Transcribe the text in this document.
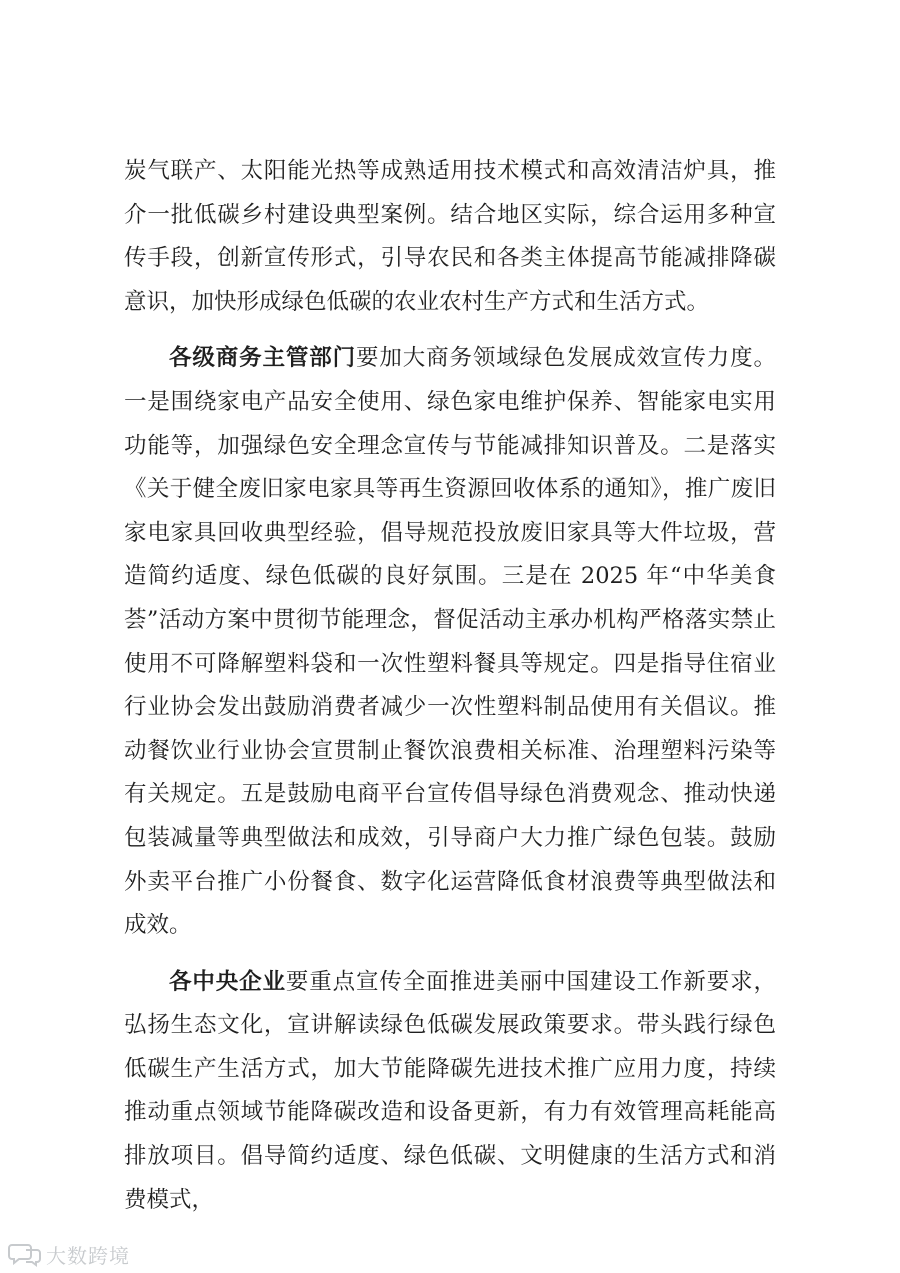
炭气联产、太阳能光热等成熟适用技术模式和高效清洁炉具，推介一批低碳乡村建设典型案例。结合地区实际，综合运用多种宣传手段，创新宣传形式，引导农民和各类主体提高节能减排降碳意识，加快形成绿色低碳的农业农村生产方式和生活方式。

各级商务主管部门要加大商务领域绿色发展成效宣传力度。一是围绕家电产品安全使用、绿色家电维护保养、智能家电实用功能等，加强绿色安全理念宣传与节能减排知识普及。二是落实《关于健全废旧家电家具等再生资源回收体系的通知》，推广废旧家电家具回收典型经验，倡导规范投放废旧家具等大件垃圾，营造简约适度、绿色低碳的良好氛围。三是在 2025 年“中华美食荟”活动方案中贯彻节能理念，督促活动主承办机构严格落实禁止使用不可降解塑料袋和一次性塑料餐具等规定。四是指导住宿业行业协会发出鼓励消费者减少一次性塑料制品使用有关倡议。推动餐饮业行业协会宣贯制止餐饮浪费相关标准、治理塑料污染等有关规定。五是鼓励电商平台宣传倡导绿色消费观念、推动快递包装减量等典型做法和成效，引导商户大力推广绿色包装。鼓励外卖平台推广小份餐食、数字化运营降低食材浪费等典型做法和成效。

各中央企业要重点宣传全面推进美丽中国建设工作新要求，弘扬生态文化，宣讲解读绿色低碳发展政策要求。带头践行绿色低碳生产生活方式，加大节能降碳先进技术推广应用力度，持续推动重点领域节能降碳改造和设备更新，有力有效管理高耗能高排放项目。倡导简约适度、绿色低碳、文明健康的生活方式和消费模式，

大数跨境
